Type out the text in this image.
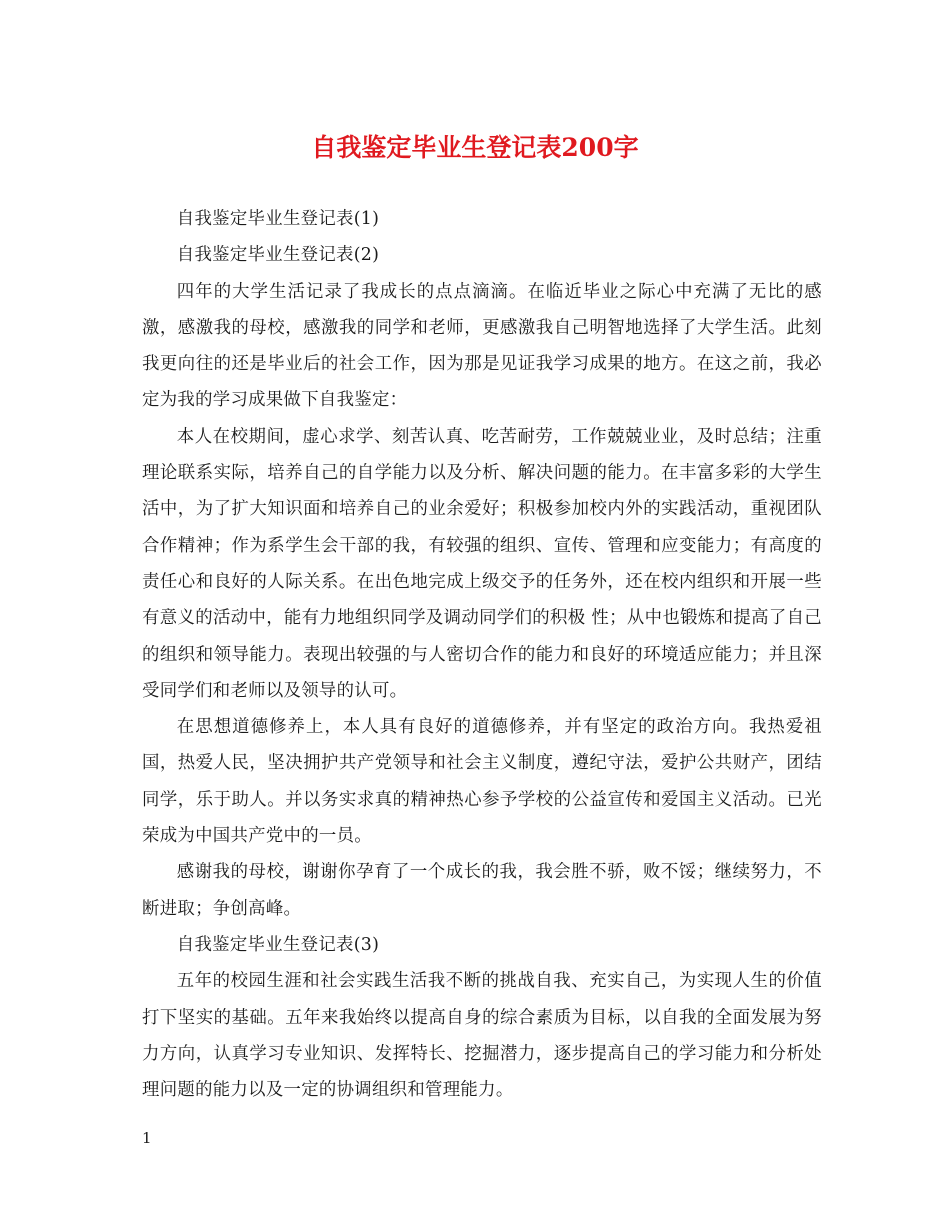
自我鉴定毕业生登记表200字

自我鉴定毕业生登记表(1)

自我鉴定毕业生登记表(2)

四年的大学生活记录了我成长的点点滴滴。在临近毕业之际心中充满了无比的感激，感激我的母校，感激我的同学和老师，更感激我自己明智地选择了大学生活。此刻我更向往的还是毕业后的社会工作，因为那是见证我学习成果的地方。在这之前，我必定为我的学习成果做下自我鉴定：

本人在校期间，虚心求学、刻苦认真、吃苦耐劳，工作兢兢业业，及时总结；注重理论联系实际，培养自己的自学能力以及分析、解决问题的能力。在丰富多彩的大学生活中，为了扩大知识面和培养自己的业余爱好；积极参加校内外的实践活动，重视团队合作精神；作为系学生会干部的我，有较强的组织、宣传、管理和应变能力；有高度的责任心和良好的人际关系。在出色地完成上级交予的任务外，还在校内组织和开展一些有意义的活动中，能有力地组织同学及调动同学们的积极 性；从中也锻炼和提高了自己的组织和领导能力。表现出较强的与人密切合作的能力和良好的环境适应能力；并且深受同学们和老师以及领导的认可。

在思想道德修养上，本人具有良好的道德修养，并有坚定的政治方向。我热爱祖国，热爱人民，坚决拥护共产党领导和社会主义制度，遵纪守法，爱护公共财产，团结同学，乐于助人。并以务实求真的精神热心参予学校的公益宣传和爱国主义活动。已光荣成为中国共产党中的一员。

感谢我的母校，谢谢你孕育了一个成长的我，我会胜不骄，败不馁；继续努力，不断进取；争创高峰。

自我鉴定毕业生登记表(3)

五年的校园生涯和社会实践生活我不断的挑战自我、充实自己，为实现人生的价值打下坚实的基础。五年来我始终以提高自身的综合素质为目标，以自我的全面发展为努力方向，认真学习专业知识、发挥特长、挖掘潜力，逐步提高自己的学习能力和分析处理问题的能力以及一定的协调组织和管理能力。

1
